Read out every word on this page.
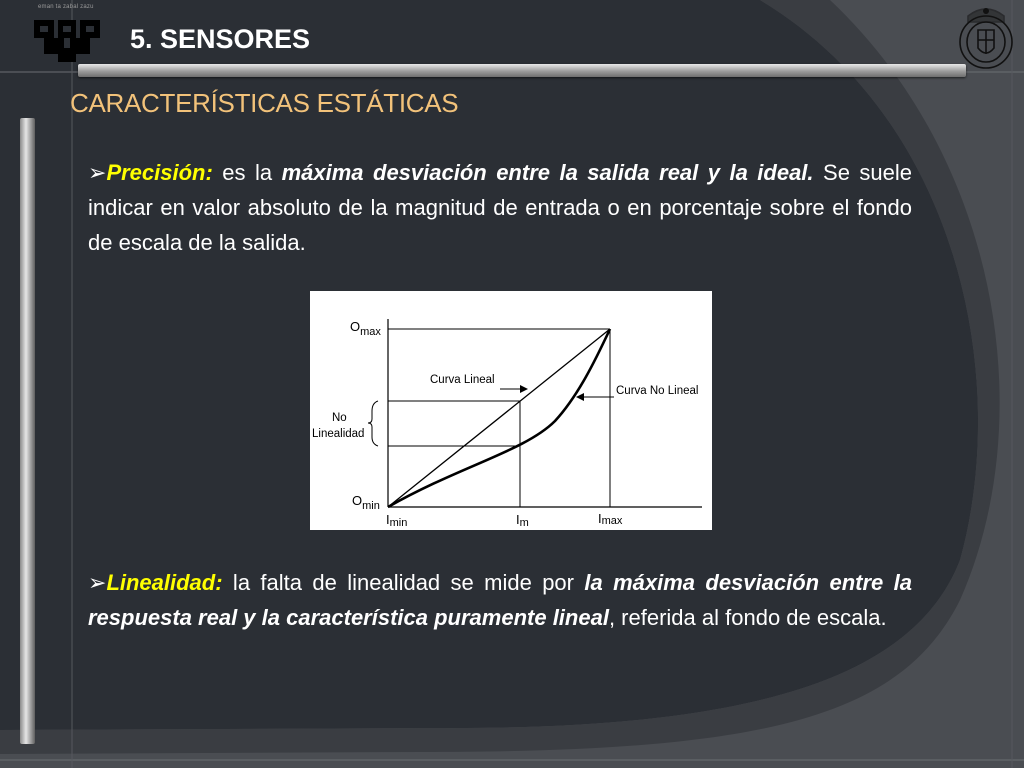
eman ta zabal zazu
5. SENSORES
CARACTERÍSTICAS ESTÁTICAS

➢Precisión: es la máxima desviación entre la salida real y la ideal. Se suele indicar en valor absoluto de la magnitud de entrada o en porcentaje sobre el fondo de escala de la salida.

$O_{max}$
$O_{min}$
Imin	Im	Imax
Curva Lineal
Curva No Lineal
No
Linealidad

➢Linealidad: la falta de linealidad se mide por la máxima desviación entre la respuesta real y la característica puramente lineal, referida al fondo de escala.
